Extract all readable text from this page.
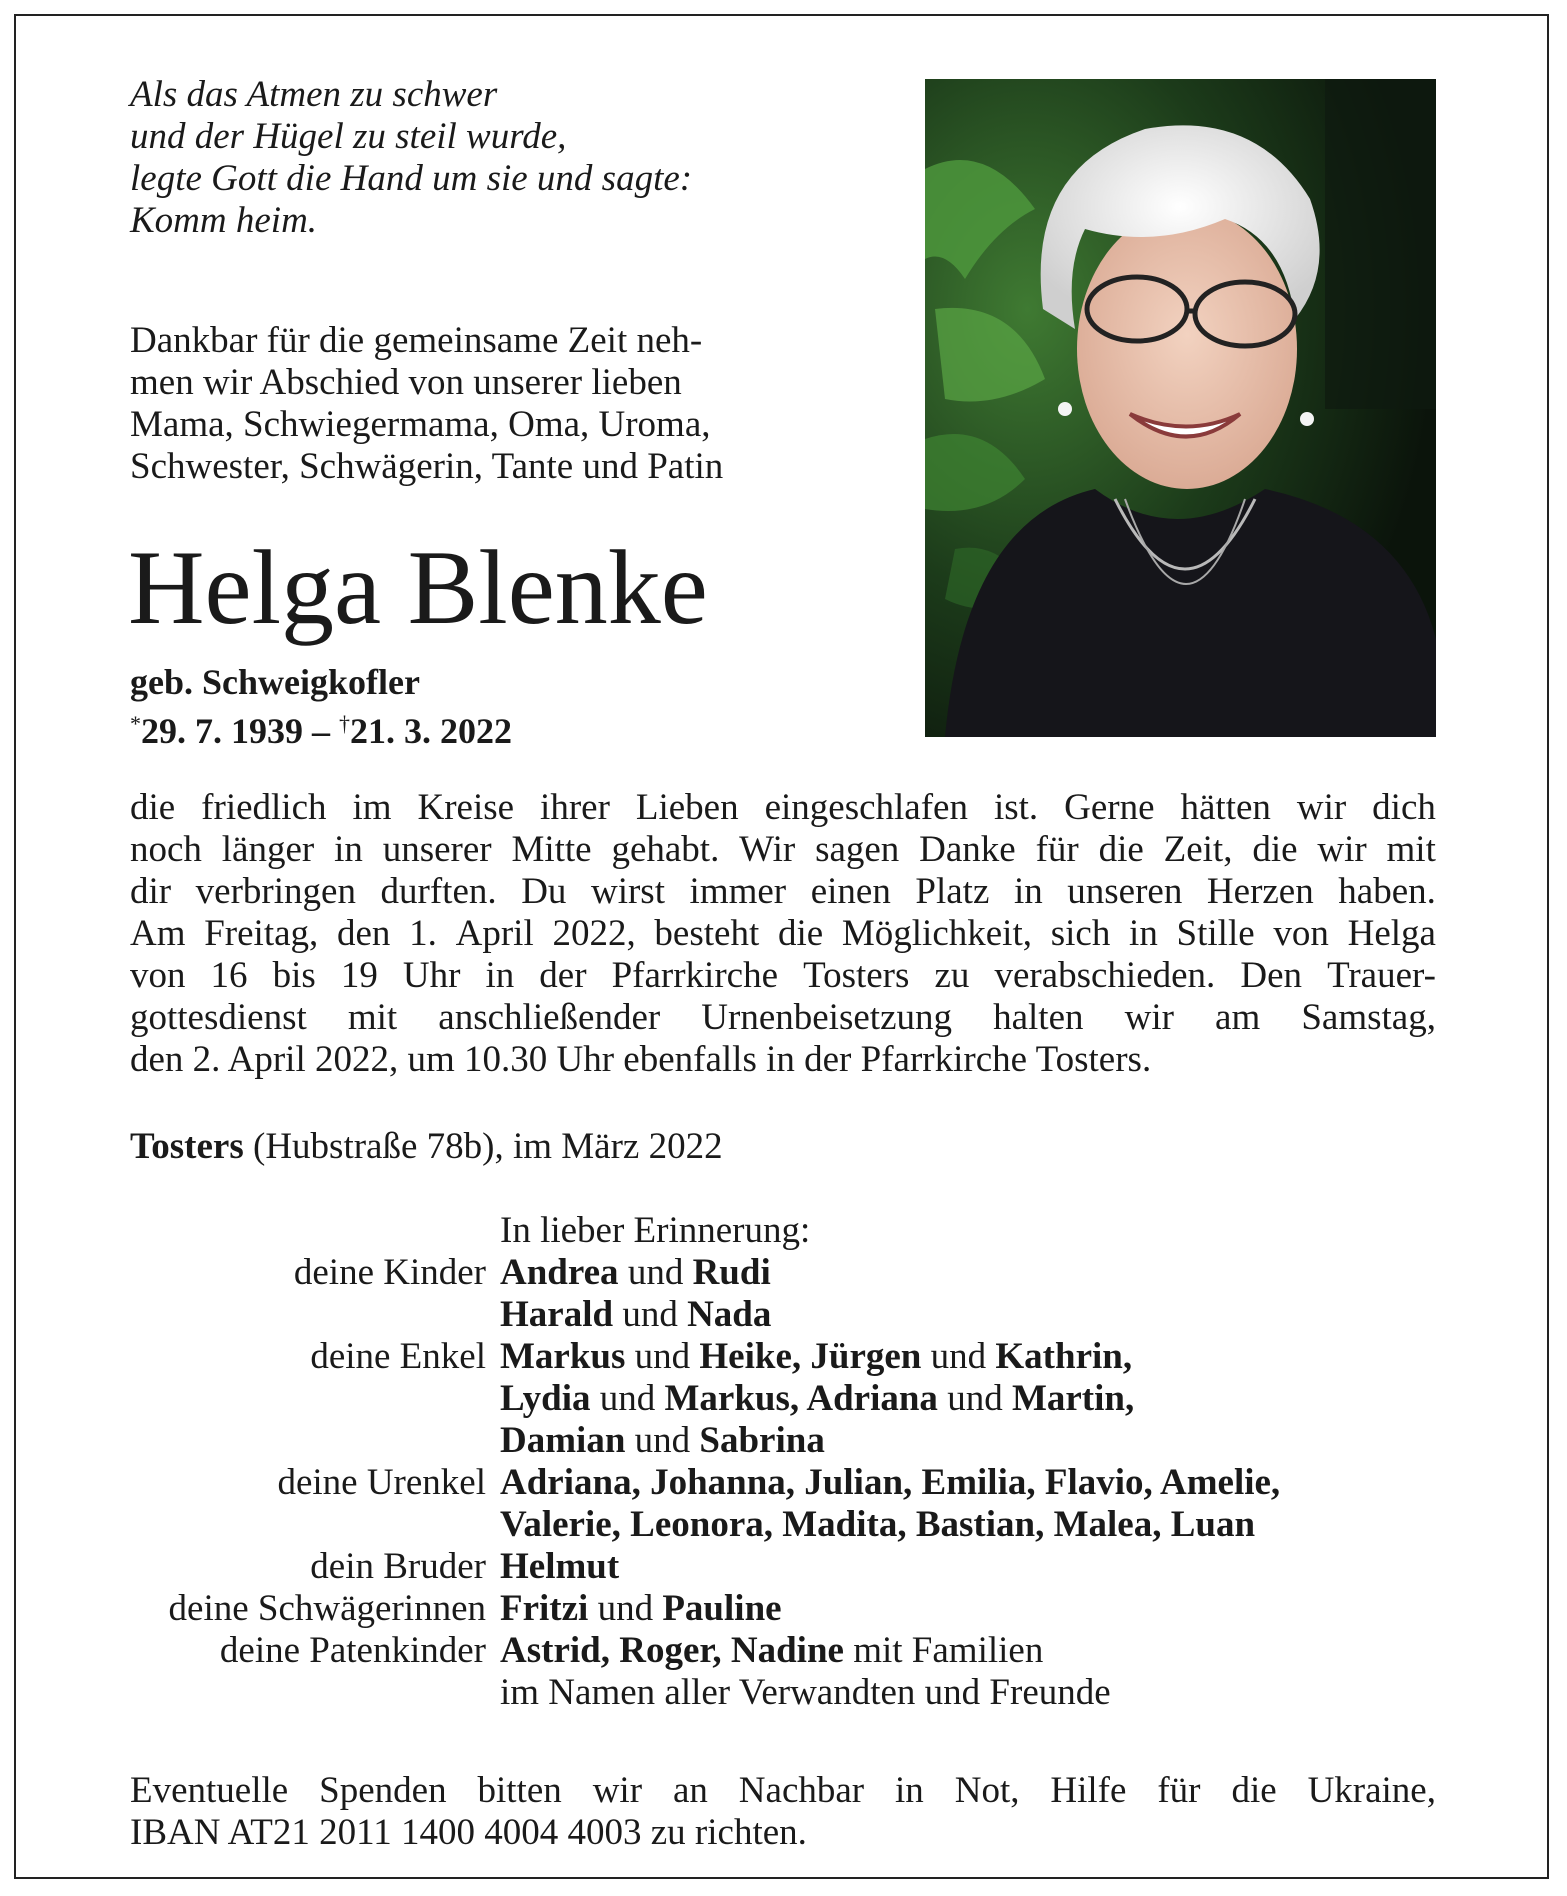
Als das Atmen zu schwer
und der Hügel zu steil wurde,
legte Gott die Hand um sie und sagte:
Komm heim.
Dankbar für die gemeinsame Zeit neh-
men wir Abschied von unserer lieben
Mama, Schwiegermama, Oma, Uroma,
Schwester, Schwägerin, Tante und Patin
Helga Blenke
geb. Schweigkofler
*29. 7. 1939 – †21. 3. 2022
die friedlich im Kreise ihrer Lieben eingeschlafen ist. Gerne hätten wir dich
noch länger in unserer Mitte gehabt. Wir sagen Danke für die Zeit, die wir mit
dir verbringen durften. Du wirst immer einen Platz in unseren Herzen haben.
Am Freitag, den 1. April 2022, besteht die Möglichkeit, sich in Stille von Helga
von 16 bis 19 Uhr in der Pfarrkirche Tosters zu verabschieden. Den Trauer-
gottesdienst mit anschließender Urnenbeisetzung halten wir am Samstag,
den 2. April 2022, um 10.30 Uhr ebenfalls in der Pfarrkirche Tosters.
Tosters (Hubstraße 78b), im März 2022
In lieber Erinnerung:
deine Kinder Andrea und Rudi
Harald und Nada
deine Enkel Markus und Heike, Jürgen und Kathrin,
Lydia und Markus, Adriana und Martin,
Damian und Sabrina
deine Urenkel Adriana, Johanna, Julian, Emilia, Flavio, Amelie,
Valerie, Leonora, Madita, Bastian, Malea, Luan
dein Bruder Helmut
deine Schwägerinnen Fritzi und Pauline
deine Patenkinder Astrid, Roger, Nadine mit Familien
im Namen aller Verwandten und Freunde
Eventuelle Spenden bitten wir an Nachbar in Not, Hilfe für die Ukraine,
IBAN AT21 2011 1400 4004 4003 zu richten.
